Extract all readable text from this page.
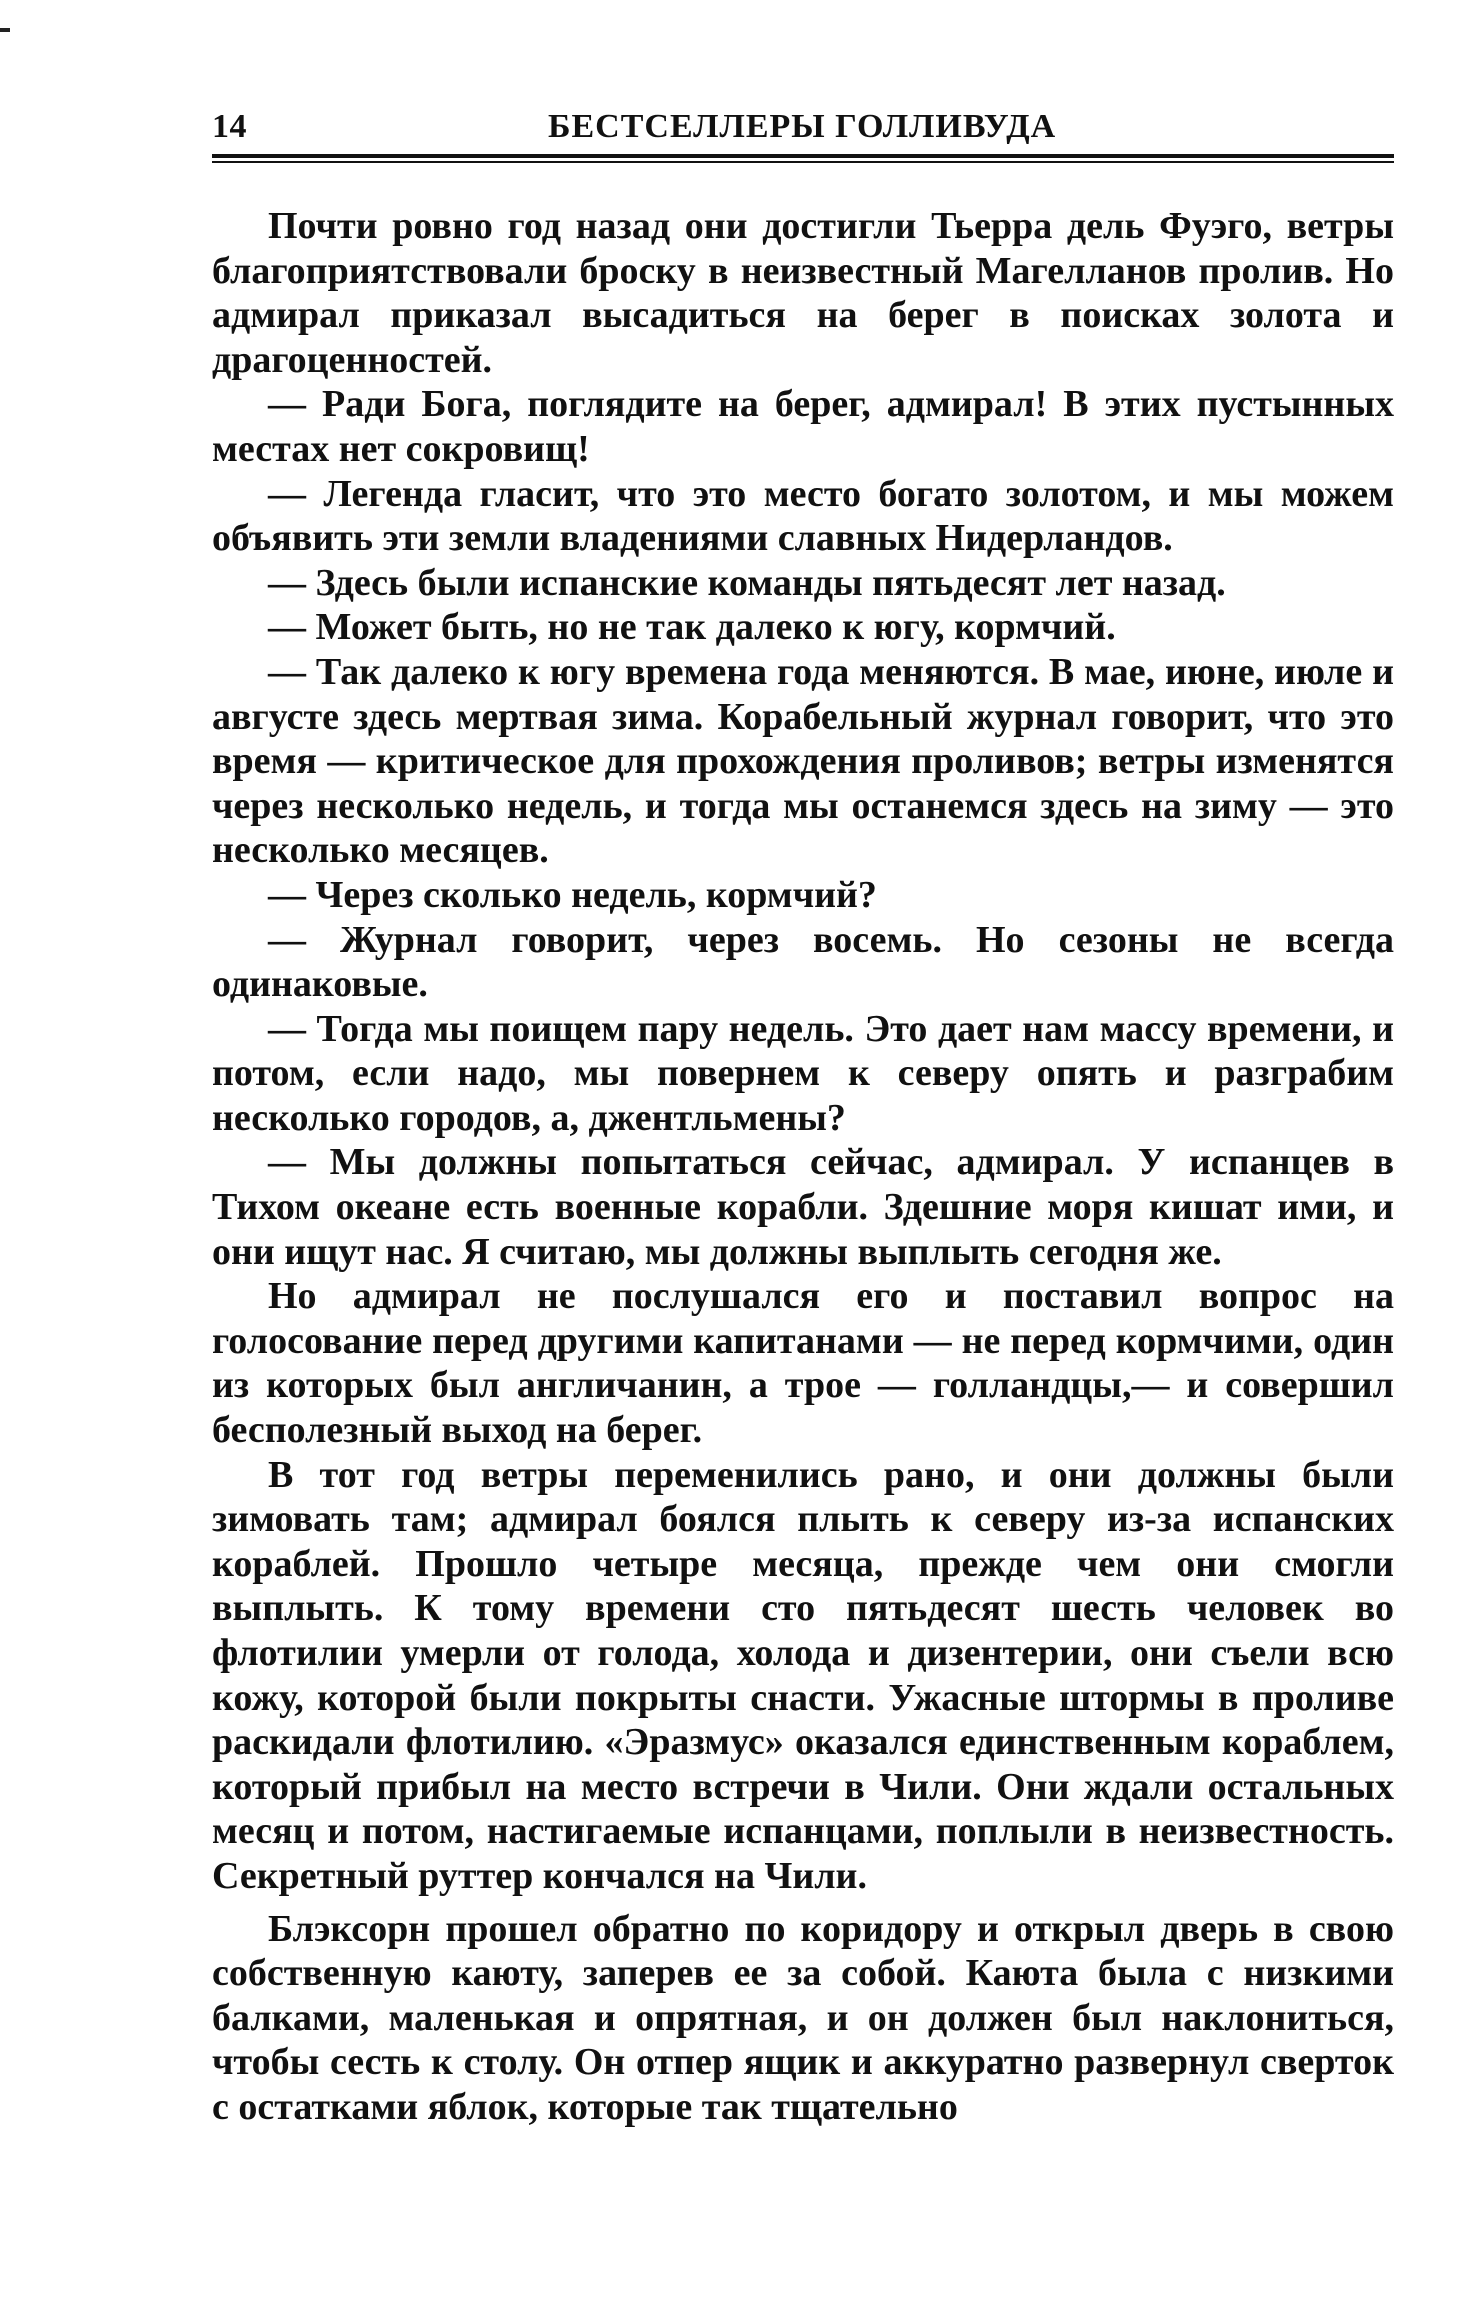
14	БЕСТСЕЛЛЕРЫ ГОЛЛИВУДА

Почти ровно год назад они достигли Тьерра дель Фуэго, ветры благоприятствовали броску в неизвестный Магелланов пролив. Но адмирал приказал высадиться на берег в поисках золота и драгоценностей.

— Ради Бога, поглядите на берег, адмирал! В этих пустынных местах нет сокровищ!

— Легенда гласит, что это место богато золотом, и мы можем объявить эти земли владениями славных Нидерландов.

— Здесь были испанские команды пятьдесят лет назад.

— Может быть, но не так далеко к югу, кормчий.

— Так далеко к югу времена года меняются. В мае, июне, июле и августе здесь мертвая зима. Корабельный журнал говорит, что это время — критическое для прохождения проливов; ветры изменятся через несколько недель, и тогда мы останемся здесь на зиму — это несколько месяцев.

— Через сколько недель, кормчий?

— Журнал говорит, через восемь. Но сезоны не всегда одинаковые.

— Тогда мы поищем пару недель. Это дает нам массу времени, и потом, если надо, мы повернем к северу опять и разграбим несколько городов, а, джентльмены?

— Мы должны попытаться сейчас, адмирал. У испанцев в Тихом океане есть военные корабли. Здешние моря кишат ими, и они ищут нас. Я считаю, мы должны выплыть сегодня же.

Но адмирал не послушался его и поставил вопрос на голосование перед другими капитанами — не перед кормчими, один из которых был англичанин, а трое — голландцы,— и совершил бесполезный выход на берег.

В тот год ветры переменились рано, и они должны были зимовать там; адмирал боялся плыть к северу из-за испанских кораблей. Прошло четыре месяца, прежде чем они смогли выплыть. К тому времени сто пятьдесят шесть человек во флотилии умерли от голода, холода и дизентерии, они съели всю кожу, которой были покрыты снасти. Ужасные штормы в проливе раскидали флотилию. «Эразмус» оказался единственным кораблем, который прибыл на место встречи в Чили. Они ждали остальных месяц и потом, настигаемые испанцами, поплыли в неизвестность. Секретный руттер кончался на Чили.

Блэксорн прошел обратно по коридору и открыл дверь в свою собственную каюту, заперев ее за собой. Каюта была с низкими балками, маленькая и опрятная, и он должен был наклониться, чтобы сесть к столу. Он отпер ящик и аккуратно развернул сверток с остатками яблок, которые так тщательно
